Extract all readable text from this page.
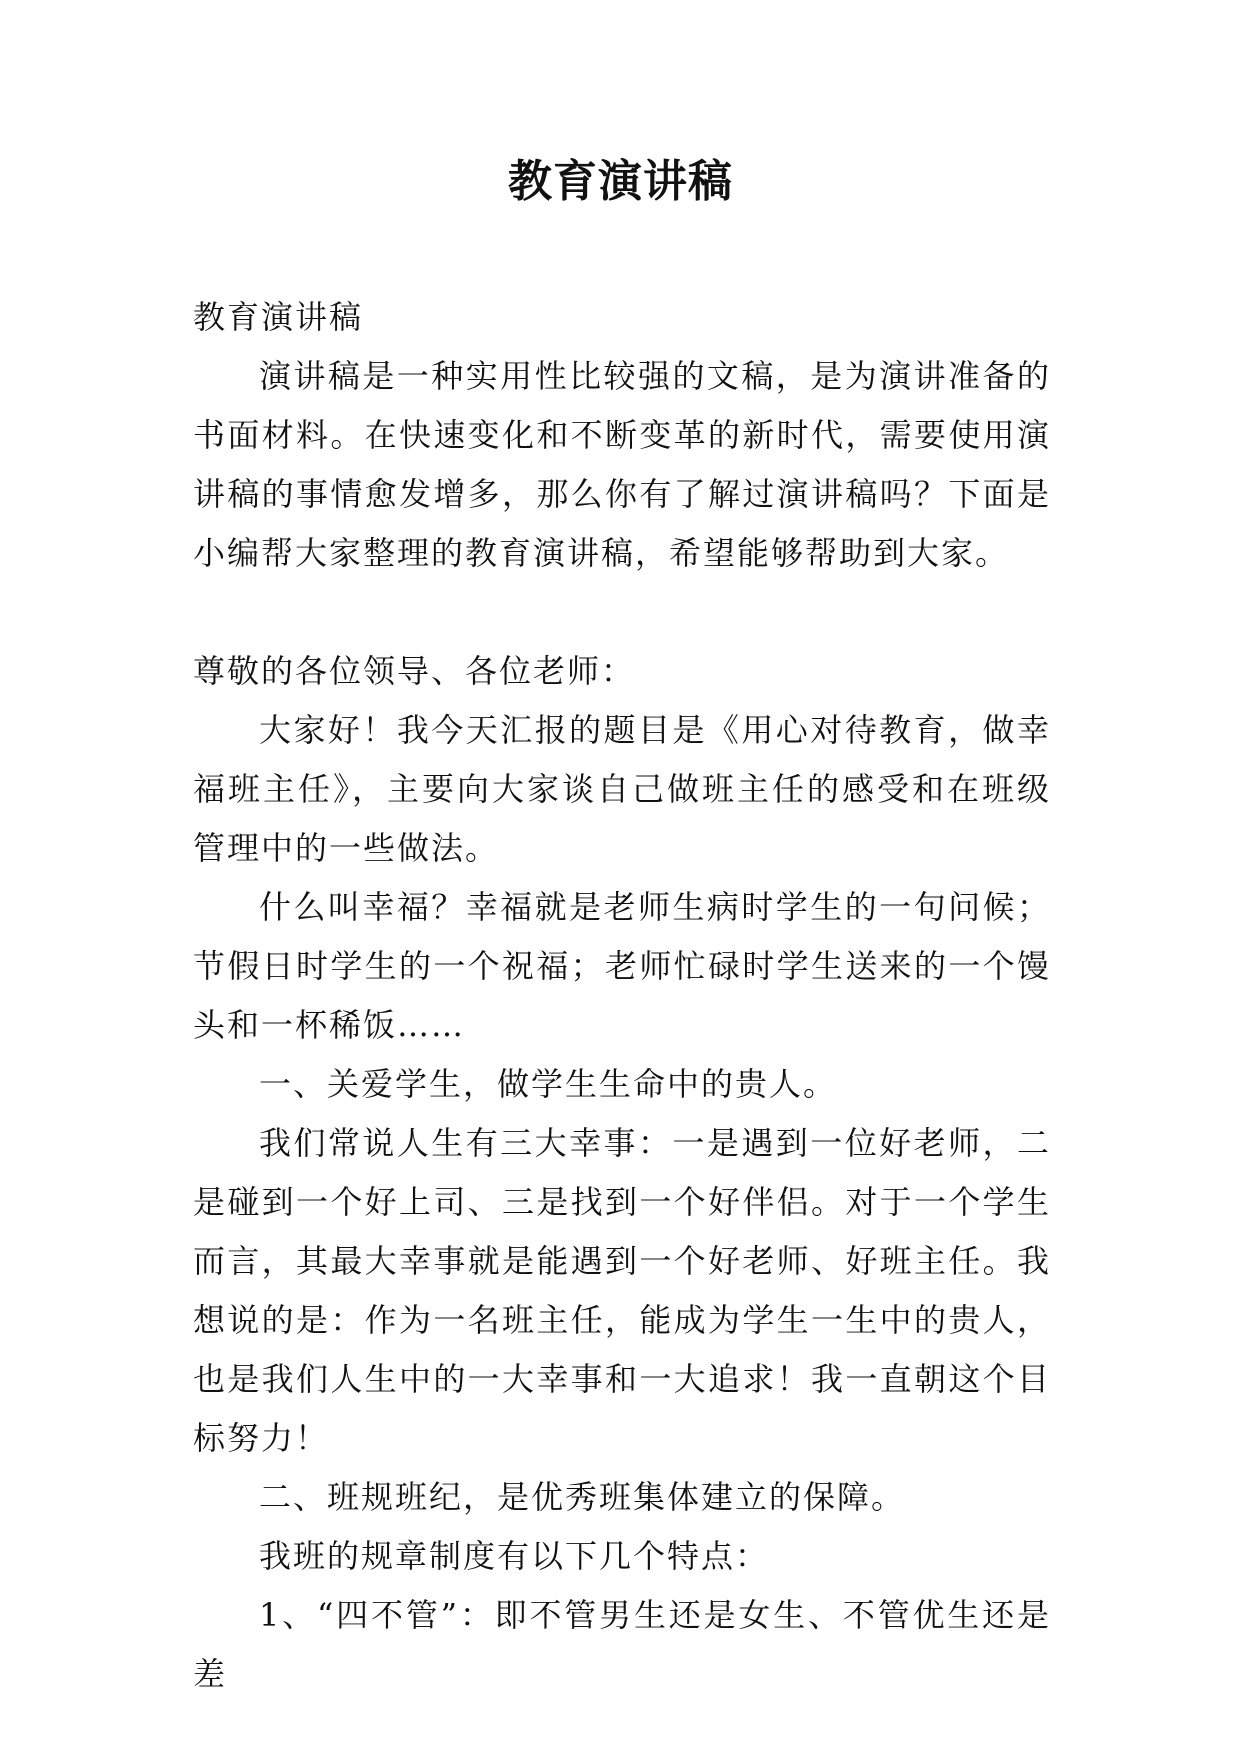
教育演讲稿

教育演讲稿

演讲稿是一种实用性比较强的文稿，是为演讲准备的书面材料。在快速变化和不断变革的新时代，需要使用演讲稿的事情愈发增多，那么你有了解过演讲稿吗？下面是小编帮大家整理的教育演讲稿，希望能够帮助到大家。

尊敬的各位领导、各位老师：

大家好！我今天汇报的题目是《用心对待教育，做幸福班主任》，主要向大家谈自己做班主任的感受和在班级管理中的一些做法。

什么叫幸福？幸福就是老师生病时学生的一句问候；节假日时学生的一个祝福；老师忙碌时学生送来的一个馒头和一杯稀饭……

一、关爱学生，做学生生命中的贵人。

我们常说人生有三大幸事：一是遇到一位好老师，二是碰到一个好上司、三是找到一个好伴侣。对于一个学生而言，其最大幸事就是能遇到一个好老师、好班主任。我想说的是：作为一名班主任，能成为学生一生中的贵人，也是我们人生中的一大幸事和一大追求！我一直朝这个目标努力！

二、班规班纪，是优秀班集体建立的保障。

我班的规章制度有以下几个特点：

1、“四不管”：即不管男生还是女生、不管优生还是差
